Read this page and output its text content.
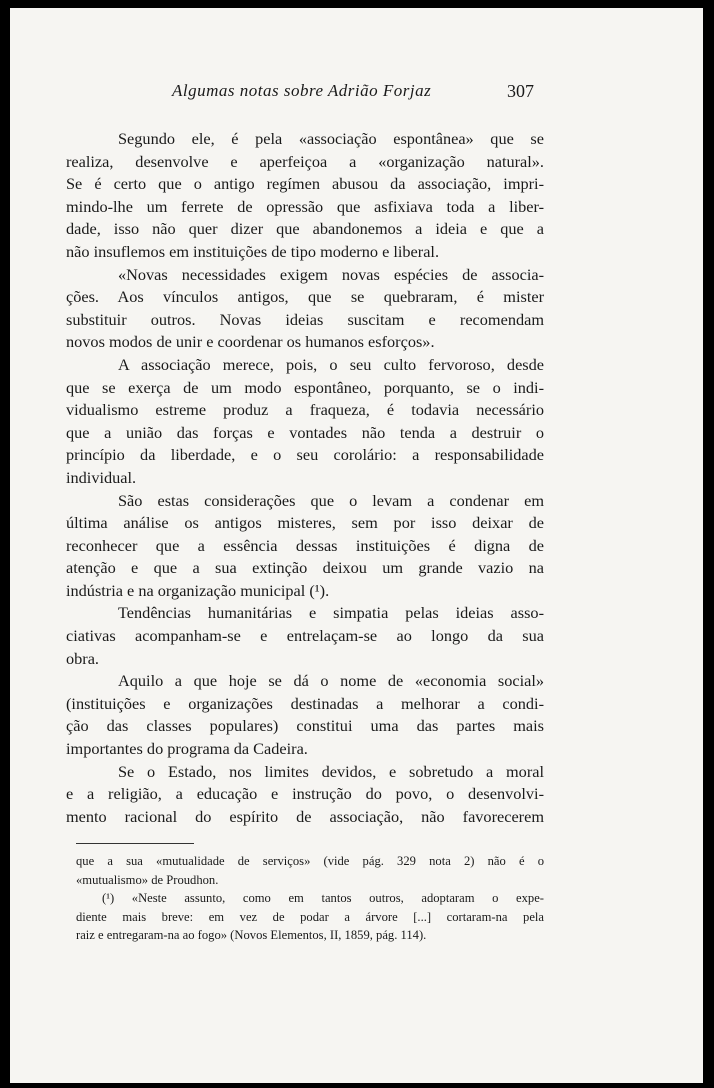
Algumas notas sobre Adrião Forjaz	307
Segundo ele, é pela «associação espontânea» que se
realiza, desenvolve e aperfeiçoa a «organização natural».
Se é certo que o antigo regímen abusou da associação, impri-
mindo-lhe um ferrete de opressão que asfixiava toda a liber-
dade, isso não quer dizer que abandonemos a ideia e que a
não insuflemos em instituições de tipo moderno e liberal.
«Novas necessidades exigem novas espécies de associa-
ções. Aos vínculos antigos, que se quebraram, é mister
substituir outros. Novas ideias suscitam e recomendam
novos modos de unir e coordenar os humanos esforços».
A associação merece, pois, o seu culto fervoroso, desde
que se exerça de um modo espontâneo, porquanto, se o indi-
vidualismo estreme produz a fraqueza, é todavia necessário
que a união das forças e vontades não tenda a destruir o
princípio da liberdade, e o seu corolário: a responsabilidade
individual.
São estas considerações que o levam a condenar em
última análise os antigos misteres, sem por isso deixar de
reconhecer que a essência dessas instituições é digna de
atenção e que a sua extinção deixou um grande vazio na
indústria e na organização municipal (¹).
Tendências humanitárias e simpatia pelas ideias asso-
ciativas acompanham-se e entrelaçam-se ao longo da sua
obra.
Aquilo a que hoje se dá o nome de «economia social»
(instituições e organizações destinadas a melhorar a condi-
ção das classes populares) constitui uma das partes mais
importantes do programa da Cadeira.
Se o Estado, nos limites devidos, e sobretudo a moral
e a religião, a educação e instrução do povo, o desenvolvi-
mento racional do espírito de associação, não favorecerem
que a sua «mutualidade de serviços» (vide pág. 329 nota 2) não é o
«mutualismo» de Proudhon.
(¹) «Neste assunto, como em tantos outros, adoptaram o expe-
diente mais breve: em vez de podar a árvore [...] cortaram-na pela
raiz e entregaram-na ao fogo» (Novos Elementos, II, 1859, pág. 114).
